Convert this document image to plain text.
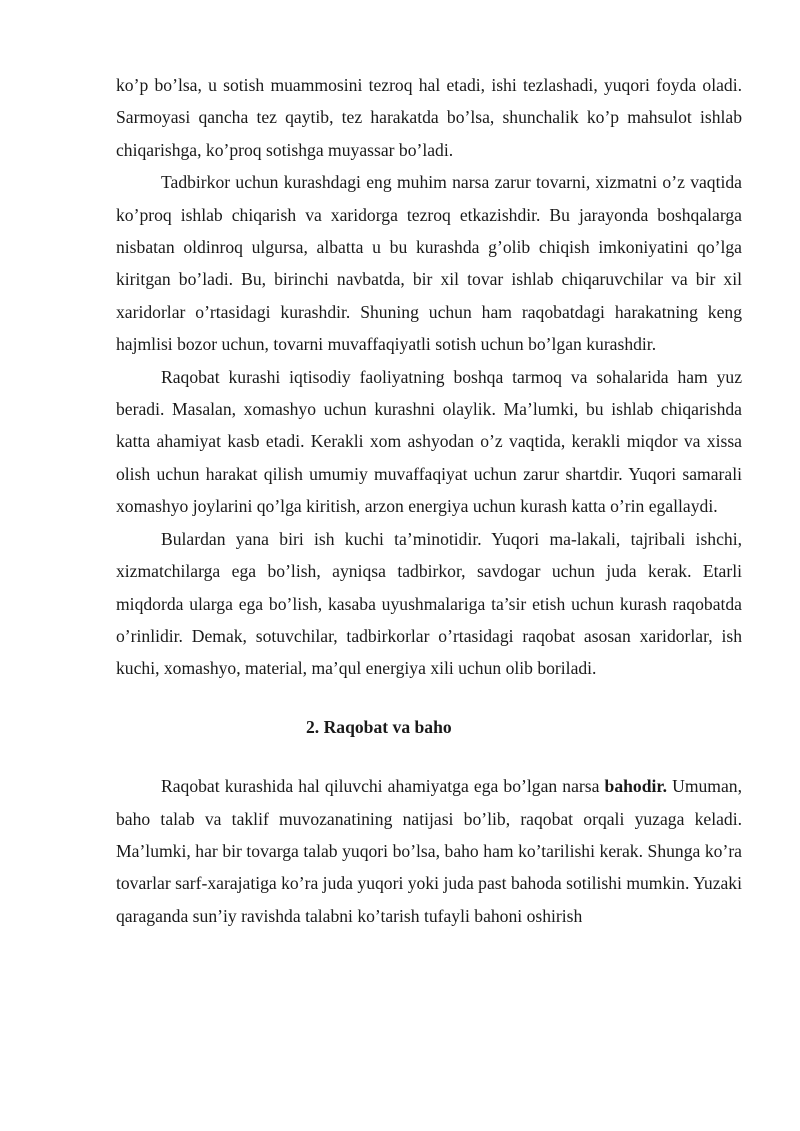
ko’p bo’lsa, u sotish muammosini tezroq hal etadi, ishi tezlashadi, yuqori foyda oladi. Sarmoyasi qancha tez qaytib, tez harakatda bo’lsa, shunchalik ko’p mahsulot ishlab chiqarishga, ko’proq sotishga muyassar bo’ladi.

Tadbirkor uchun kurashdagi eng muhim narsa zarur tovarni, xizmatni o’z vaqtida ko’proq ishlab chiqarish va xaridorga tezroq etkazishdir. Bu jarayonda boshqalarga nisbatan oldinroq ulgursa, albatta u bu kurashda g’olib chiqish imkoniyatini qo’lga kiritgan bo’ladi. Bu, birinchi navbatda, bir xil tovar ishlab chiqaruvchilar va bir xil xaridorlar o’rtasidagi kurashdir. Shuning uchun ham raqobatdagi harakatning keng hajmlisi bozor uchun, tovarni muvaffaqiyatli sotish uchun bo’lgan kurashdir.

Raqobat kurashi iqtisodiy faoliyatning boshqa tarmoq va sohalarida ham yuz beradi. Masalan, xomashyo uchun kurashni olaylik. Ma’lumki, bu ishlab chiqarishda katta ahamiyat kasb etadi. Kerakli xom ashyodan o’z vaqtida, kerakli miqdor va xissa olish uchun harakat qilish umumiy muvaffaqiyat uchun zarur shartdir. Yuqori samarali xomashyo joylarini qo’lga kiritish, arzon energiya uchun kurash katta o’rin egallaydi.

Bulardan yana biri ish kuchi ta’minotidir. Yuqori ma-lakali, tajribali ishchi, xizmatchilarga ega bo’lish, ayniqsa tadbirkor, savdogar uchun juda kerak. Etarli miqdorda ularga ega bo’lish, kasaba uyushmalariga ta’sir etish uchun kurash raqobatda o’rinlidir. Demak, sotuvchilar, tadbirkorlar o’rtasidagi raqobat asosan xaridorlar, ish kuchi, xomashyo, material, ma’qul energiya xili uchun olib boriladi.

2. Raqobat va baho

Raqobat kurashida hal qiluvchi ahamiyatga ega bo’lgan narsa bahodir. Umuman, baho talab va taklif muvozanatining natijasi bo’lib, raqobat orqali yuzaga keladi. Ma’lumki, har bir tovarga talab yuqori bo’lsa, baho ham ko’tarilishi kerak. Shunga ko’ra tovarlar sarf-xarajatiga ko’ra juda yuqori yoki juda past bahoda sotilishi mumkin. Yuzaki qaraganda sun’iy ravishda talabni ko’tarish tufayli bahoni oshirish
